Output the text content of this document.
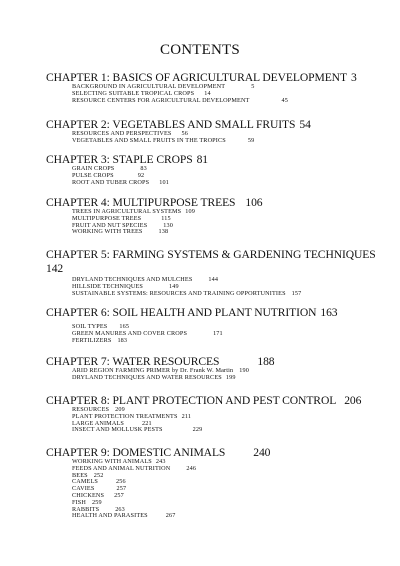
CONTENTS
CHAPTER 1: BASICS OF AGRICULTURAL DEVELOPMENT 3
BACKGROUND IN AGRICULTURAL DEVELOPMENT	5
SELECTING SUITABLE TROPICAL CROPS 14
RESOURCE CENTERS FOR AGRICULTURAL DEVELOPMENT	45
CHAPTER 2: VEGETABLES AND SMALL FRUITS 54
RESOURCES AND PERSPECTIVES 56
VEGETABLES AND SMALL FRUITS IN THE TROPICS	59
CHAPTER 3: STAPLE CROPS 81
GRAIN CROPS	83
PULSE CROPS	92
ROOT AND TUBER CROPS 101
CHAPTER 4: MULTIPURPOSE TREES 106
TREES IN AGRICULTURAL SYSTEMS 109
MULTIPURPOSE TREES	115
FRUIT AND NUT SPECIES	130
WORKING WITH TREES	138
CHAPTER 5: FARMING SYSTEMS & GARDENING TECHNIQUES
142
DRYLAND TECHNIQUES AND MULCHES	144
HILLSIDE TECHNIQUES	149
SUSTAINABLE SYSTEMS: RESOURCES AND TRAINING OPPORTUNITIES 157
CHAPTER 6: SOIL HEALTH AND PLANT NUTRITION 163
SOIL TYPES 165
GREEN MANURES AND COVER CROPS	171
FERTILIZERS 183
CHAPTER 7: WATER RESOURCES	188
ARID REGION FARMING PRIMER by Dr. Frank W. Martin 190
DRYLAND TECHNIQUES AND WATER RESOURCES 199
CHAPTER 8: PLANT PROTECTION AND PEST CONTROL 206
RESOURCES 209
PLANT PROTECTION TREATMENTS 211
LARGE ANIMALS	221
INSECT AND MOLLUSK PESTS	229
CHAPTER 9: DOMESTIC ANIMALS 240
WORKING WITH ANIMALS 243
FEEDS AND ANIMAL NUTRITION	246
BEES 252
CAMELS	256
CAVIES	257
CHICKENS 257
FISH 259
RABBITS	263
HEALTH AND PARASITES	267
